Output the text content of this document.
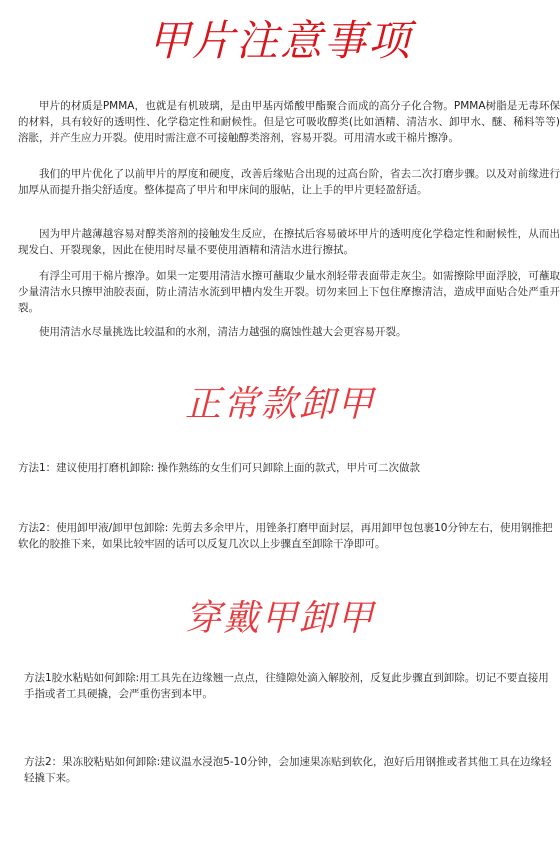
甲片注意事项

甲片的材质是PMMA，也就是有机玻璃，是由甲基丙烯酸甲酯聚合而成的高分子化合物。PMMA树脂是无毒环保的材料，具有较好的透明性、化学稳定性和耐候性。但是它可吸收醇类(比如酒精、清洁水、卸甲水、醚、稀料等等)溶胀，并产生应力开裂。使用时需注意不可接触醇类溶剂，容易开裂。可用清水或干棉片擦净。

我们的甲片优化了以前甲片的厚度和硬度，改善后缘贴合出现的过高台阶，省去二次打磨步骤。以及对前缘进行加厚从而提升指尖舒适度。整体提高了甲片和甲床间的服帖，让上手的甲片更轻盈舒适。

因为甲片越薄越容易对醇类溶剂的接触发生反应，在擦拭后容易破坏甲片的透明度化学稳定性和耐候性，从而出现发白、开裂现象，因此在使用时尽量不要使用酒精和清洁水进行擦拭。

有浮尘可用干棉片擦净。如果一定要用清洁水擦可蘸取少量水剂轻带表面带走灰尘。如需擦除甲面浮胶，可蘸取少量清洁水只擦甲油胶表面，防止清洁水流到甲槽内发生开裂。切勿来回上下包住摩擦清洁，造成甲面贴合处严重开裂。

使用清洁水尽量挑选比较温和的水剂，清洁力越强的腐蚀性越大会更容易开裂。

正常款卸甲

方法1：建议使用打磨机卸除: 操作熟练的女生们可只卸除上面的款式，甲片可二次做款

方法2：使用卸甲液/卸甲包卸除: 先剪去多余甲片，用锉条打磨甲面封层，再用卸甲包包裹10分钟左右，使用钢推把软化的胶推下来，如果比较牢固的话可以反复几次以上步骤直至卸除干净即可。

穿戴甲卸甲

方法1胶水粘贴如何卸除:用工具先在边缘翘一点点，往缝隙处滴入解胶剂，反复此步骤直到卸除。切记不要直接用手指或者工具硬撬，会严重伤害到本甲。

方法2：果冻胶粘贴如何卸除:建议温水浸泡5-10分钟，会加速果冻贴到软化，泡好后用钢推或者其他工具在边缘轻轻撬下来。
